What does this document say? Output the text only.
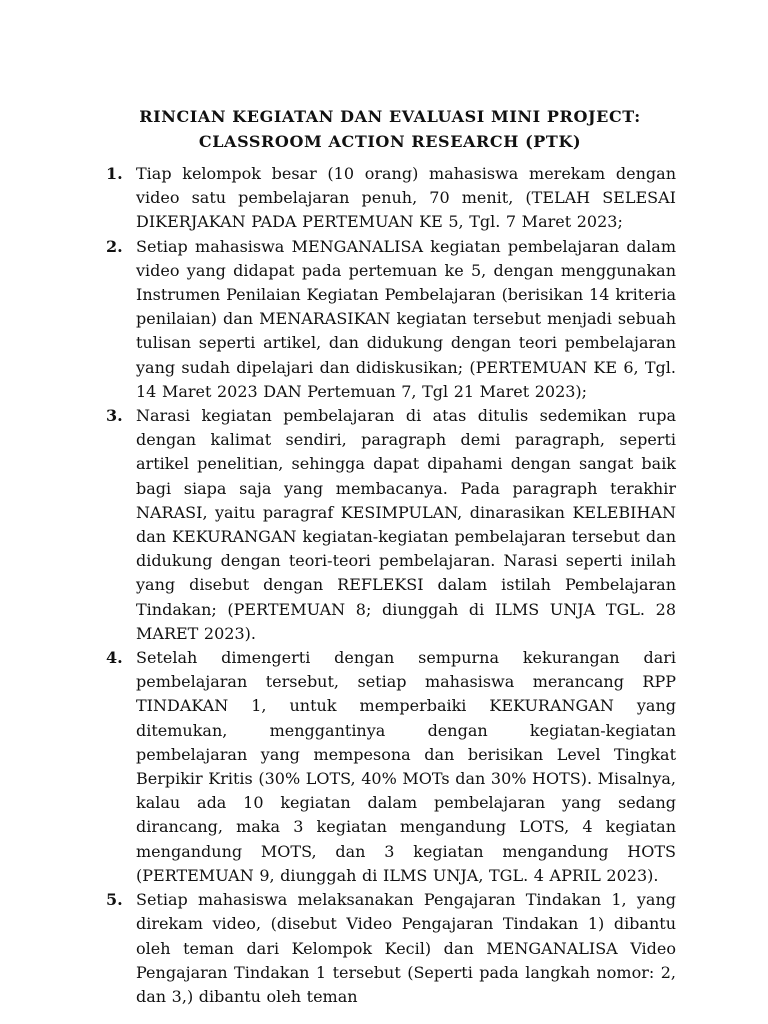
RINCIAN KEGIATAN DAN EVALUASI MINI PROJECT:
CLASSROOM ACTION RESEARCH (PTK)
1. Tiap kelompok besar (10 orang) mahasiswa merekam dengan video satu pembelajaran penuh, 70 menit, (TELAH SELESAI DIKERJAKAN PADA PERTEMUAN KE 5, Tgl. 7 Maret 2023;
2. Setiap mahasiswa MENGANALISA kegiatan pembelajaran dalam video yang didapat pada pertemuan ke 5, dengan menggunakan Instrumen Penilaian Kegiatan Pembelajaran (berisikan 14 kriteria penilaian) dan MENARASIKAN kegiatan tersebut menjadi sebuah tulisan seperti artikel, dan didukung dengan teori pembelajaran yang sudah dipelajari dan didiskusikan; (PERTEMUAN KE 6, Tgl. 14 Maret 2023 DAN Pertemuan 7, Tgl 21 Maret 2023);
3. Narasi kegiatan pembelajaran di atas ditulis sedemikan rupa dengan kalimat sendiri, paragraph demi paragraph, seperti artikel penelitian, sehingga dapat dipahami dengan sangat baik bagi siapa saja yang membacanya. Pada paragraph terakhir NARASI, yaitu paragraf KESIMPULAN, dinarasikan KELEBIHAN dan KEKURANGAN kegiatan-kegiatan pembelajaran tersebut dan didukung dengan teori-teori pembelajaran. Narasi seperti inilah yang disebut dengan REFLEKSI dalam istilah Pembelajaran Tindakan; (PERTEMUAN 8; diunggah di ILMS UNJA TGL. 28 MARET 2023).
4. Setelah dimengerti dengan sempurna kekurangan dari pembelajaran tersebut, setiap mahasiswa merancang RPP TINDAKAN 1, untuk memperbaiki KEKURANGAN yang ditemukan, menggantinya dengan kegiatan-kegiatan pembelajaran yang mempesona dan berisikan Level Tingkat Berpikir Kritis (30% LOTS, 40% MOTs dan 30% HOTS). Misalnya, kalau ada 10 kegiatan dalam pembelajaran yang sedang dirancang, maka 3 kegiatan mengandung LOTS, 4 kegiatan mengandung MOTS, dan 3 kegiatan mengandung HOTS (PERTEMUAN 9, diunggah di ILMS UNJA, TGL. 4 APRIL 2023).
5. Setiap mahasiswa melaksanakan Pengajaran Tindakan 1, yang direkam video, (disebut Video Pengajaran Tindakan 1) dibantu oleh teman dari Kelompok Kecil) dan MENGANALISA Video Pengajaran Tindakan 1 tersebut (Seperti pada langkah nomor: 2, dan 3,) dibantu oleh teman
